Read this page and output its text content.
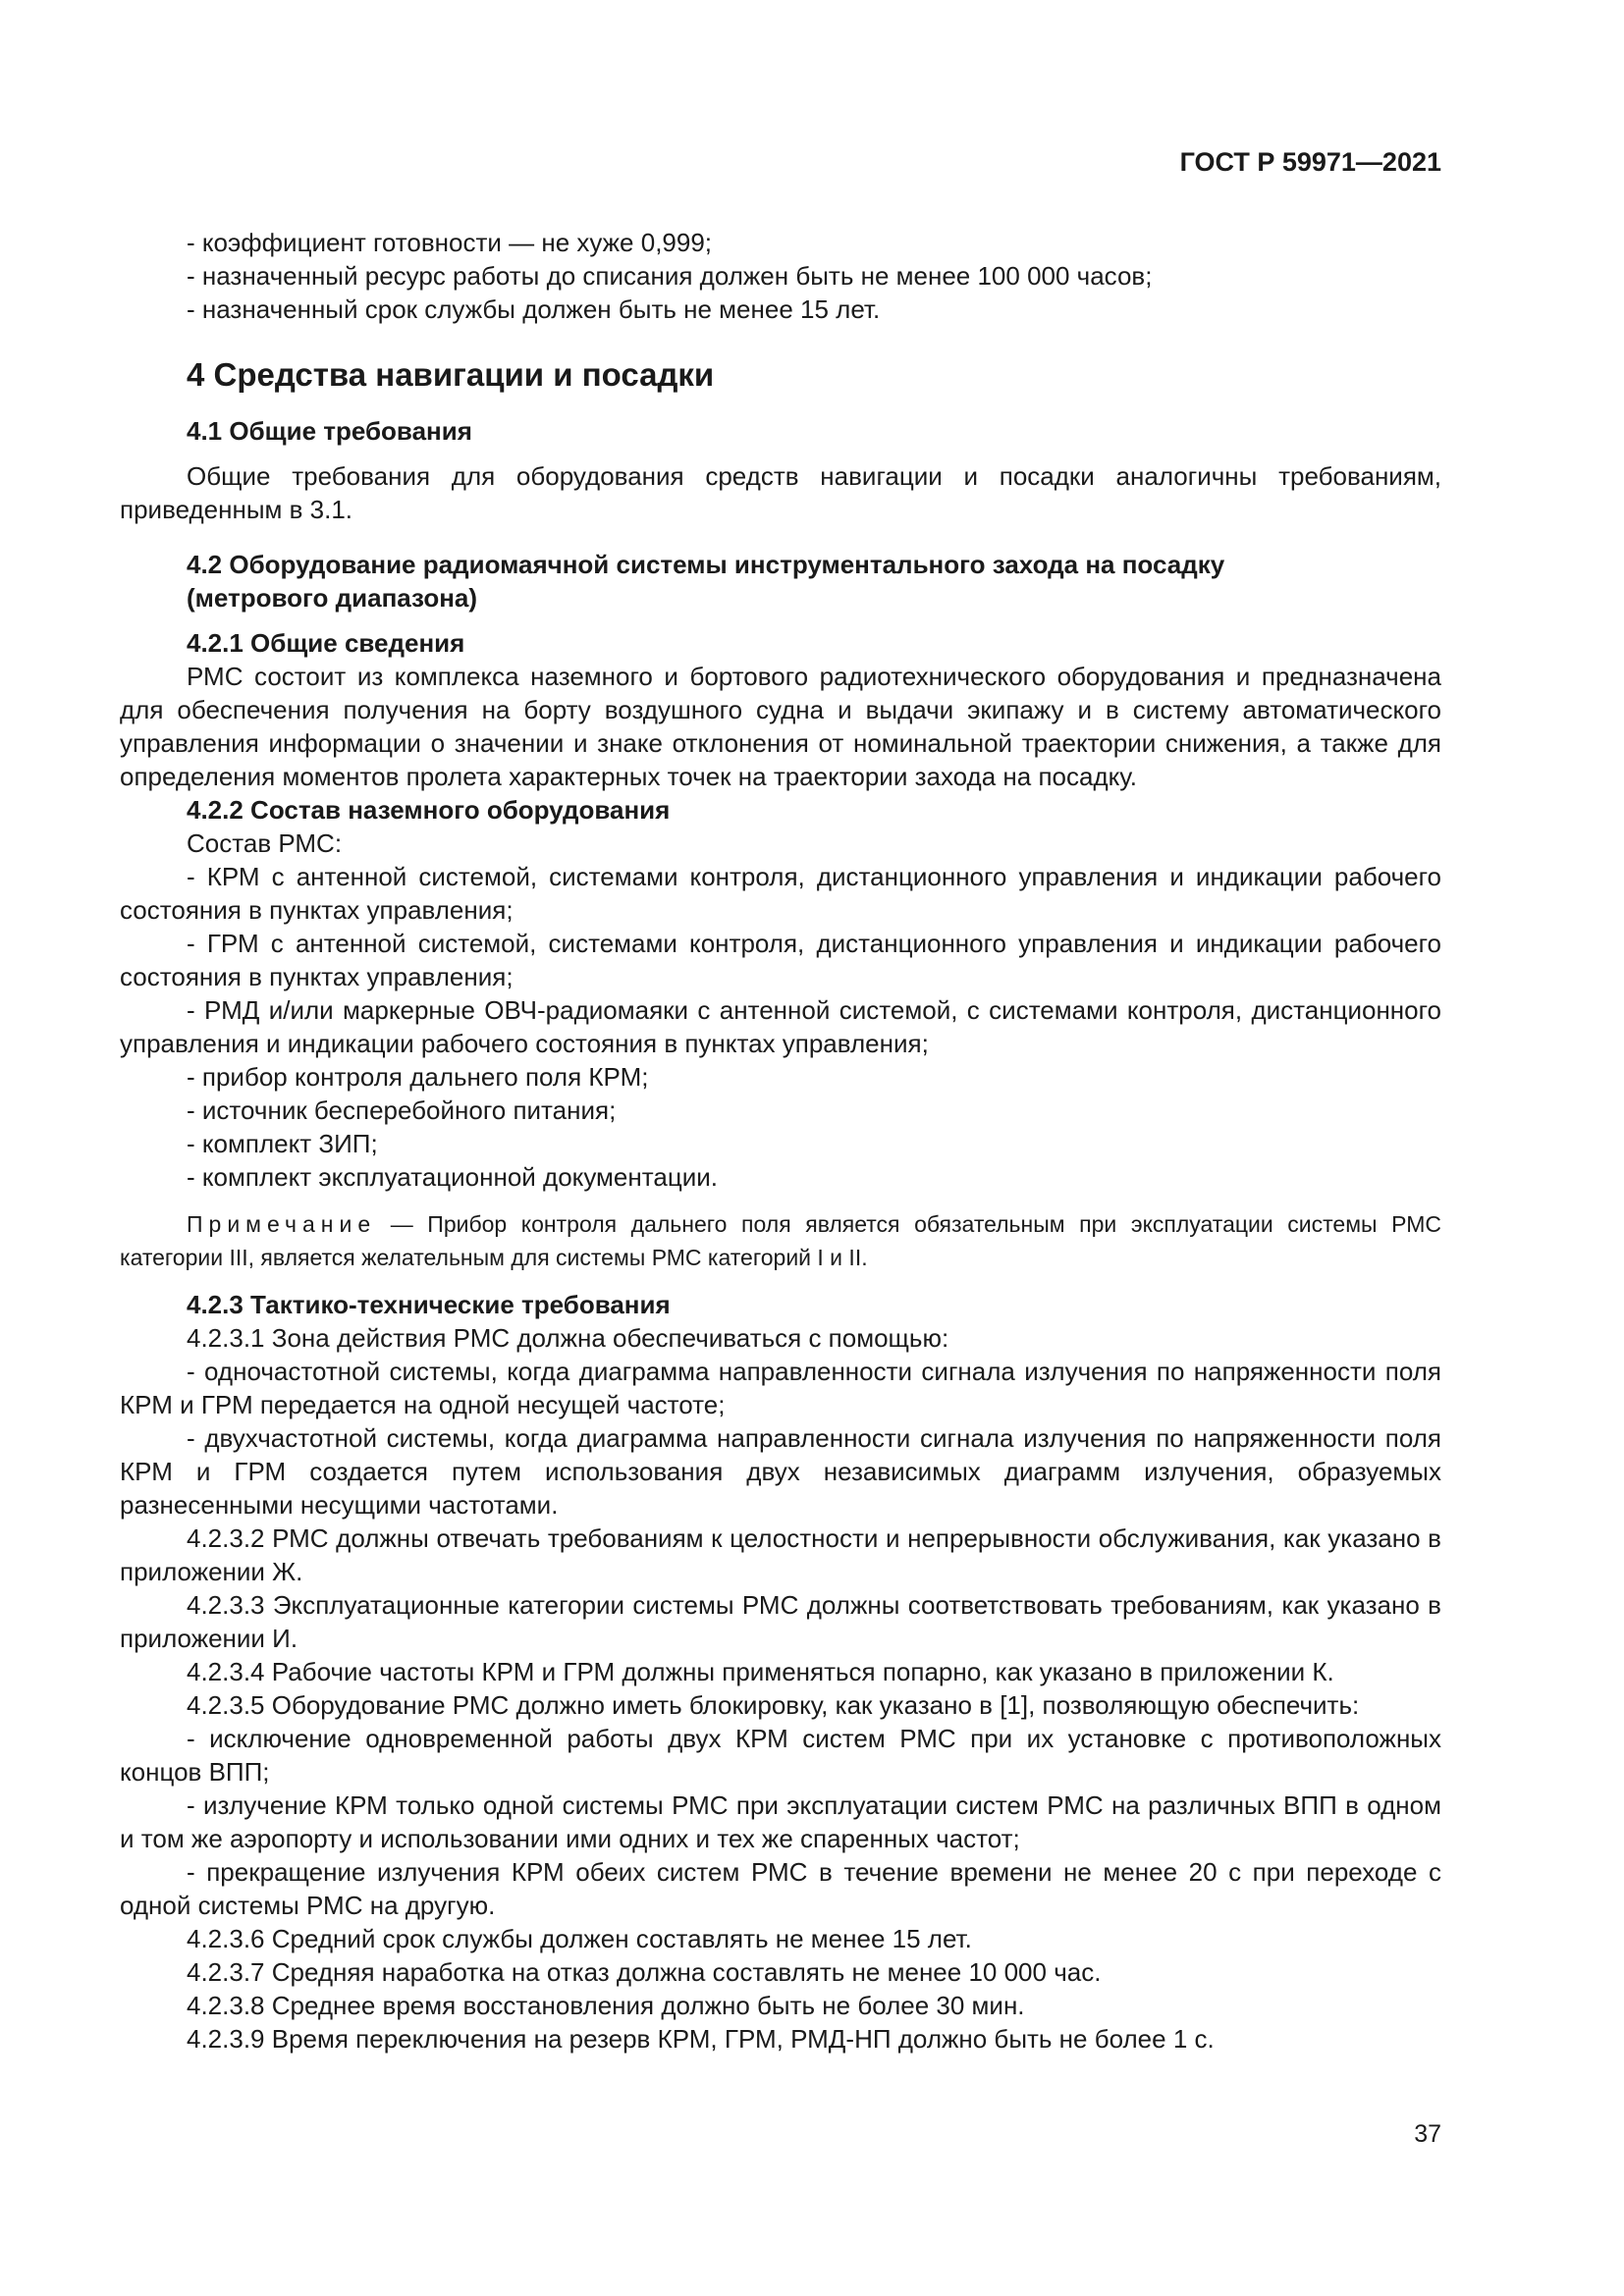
ГОСТ Р 59971—2021

- коэффициент готовности — не хуже 0,999;

- назначенный ресурс работы до списания должен быть не менее 100 000 часов;

- назначенный срок службы должен быть не менее 15 лет.

4 Средства навигации и посадки

4.1 Общие требования

Общие требования для оборудования средств навигации и посадки аналогичны требованиям, приведенным в 3.1.

4.2 Оборудование радиомаячной системы инструментального захода на посадку

(метрового диапазона)

4.2.1 Общие сведения

РМС состоит из комплекса наземного и бортового радиотехнического оборудования и предназначена для обеспечения получения на борту воздушного судна и выдачи экипажу и в систему автоматического управления информации о значении и знаке отклонения от номинальной траектории снижения, а также для определения моментов пролета характерных точек на траектории захода на посадку.

4.2.2 Состав наземного оборудования

Состав РМС:

- КРМ с антенной системой, системами контроля, дистанционного управления и индикации рабочего состояния в пунктах управления;

- ГРМ с антенной системой, системами контроля, дистанционного управления и индикации рабочего состояния в пунктах управления;

- РМД и/или маркерные ОВЧ-радиомаяки с антенной системой, с системами контроля, дистанционного управления и индикации рабочего состояния в пунктах управления;

- прибор контроля дальнего поля КРМ;

- источник бесперебойного питания;

- комплект ЗИП;

- комплект эксплуатационной документации.

Примечание — Прибор контроля дальнего поля является обязательным при эксплуатации системы РМС категории III, является желательным для системы РМС категорий I и II.

4.2.3 Тактико-технические требования

4.2.3.1 Зона действия РМС должна обеспечиваться с помощью:

- одночастотной системы, когда диаграмма направленности сигнала излучения по напряженности поля КРМ и ГРМ передается на одной несущей частоте;

- двухчастотной системы, когда диаграмма направленности сигнала излучения по напряженности поля КРМ и ГРМ создается путем использования двух независимых диаграмм излучения, образуемых разнесенными несущими частотами.

4.2.3.2 РМС должны отвечать требованиям к целостности и непрерывности обслуживания, как указано в приложении Ж.

4.2.3.3 Эксплуатационные категории системы РМС должны соответствовать требованиям, как указано в приложении И.

4.2.3.4 Рабочие частоты КРМ и ГРМ должны применяться попарно, как указано в приложении К.

4.2.3.5 Оборудование РМС должно иметь блокировку, как указано в [1], позволяющую обеспечить:

- исключение одновременной работы двух КРМ систем РМС при их установке с противоположных концов ВПП;

- излучение КРМ только одной системы РМС при эксплуатации систем РМС на различных ВПП в одном и том же аэропорту и использовании ими одних и тех же спаренных частот;

- прекращение излучения КРМ обеих систем РМС в течение времени не менее 20 с при переходе с одной системы РМС на другую.

4.2.3.6 Средний срок службы должен составлять не менее 15 лет.

4.2.3.7 Средняя наработка на отказ должна составлять не менее 10 000 час.

4.2.3.8 Среднее время восстановления должно быть не более 30 мин.

4.2.3.9 Время переключения на резерв КРМ, ГРМ, РМД-НП должно быть не более 1 с.

37
